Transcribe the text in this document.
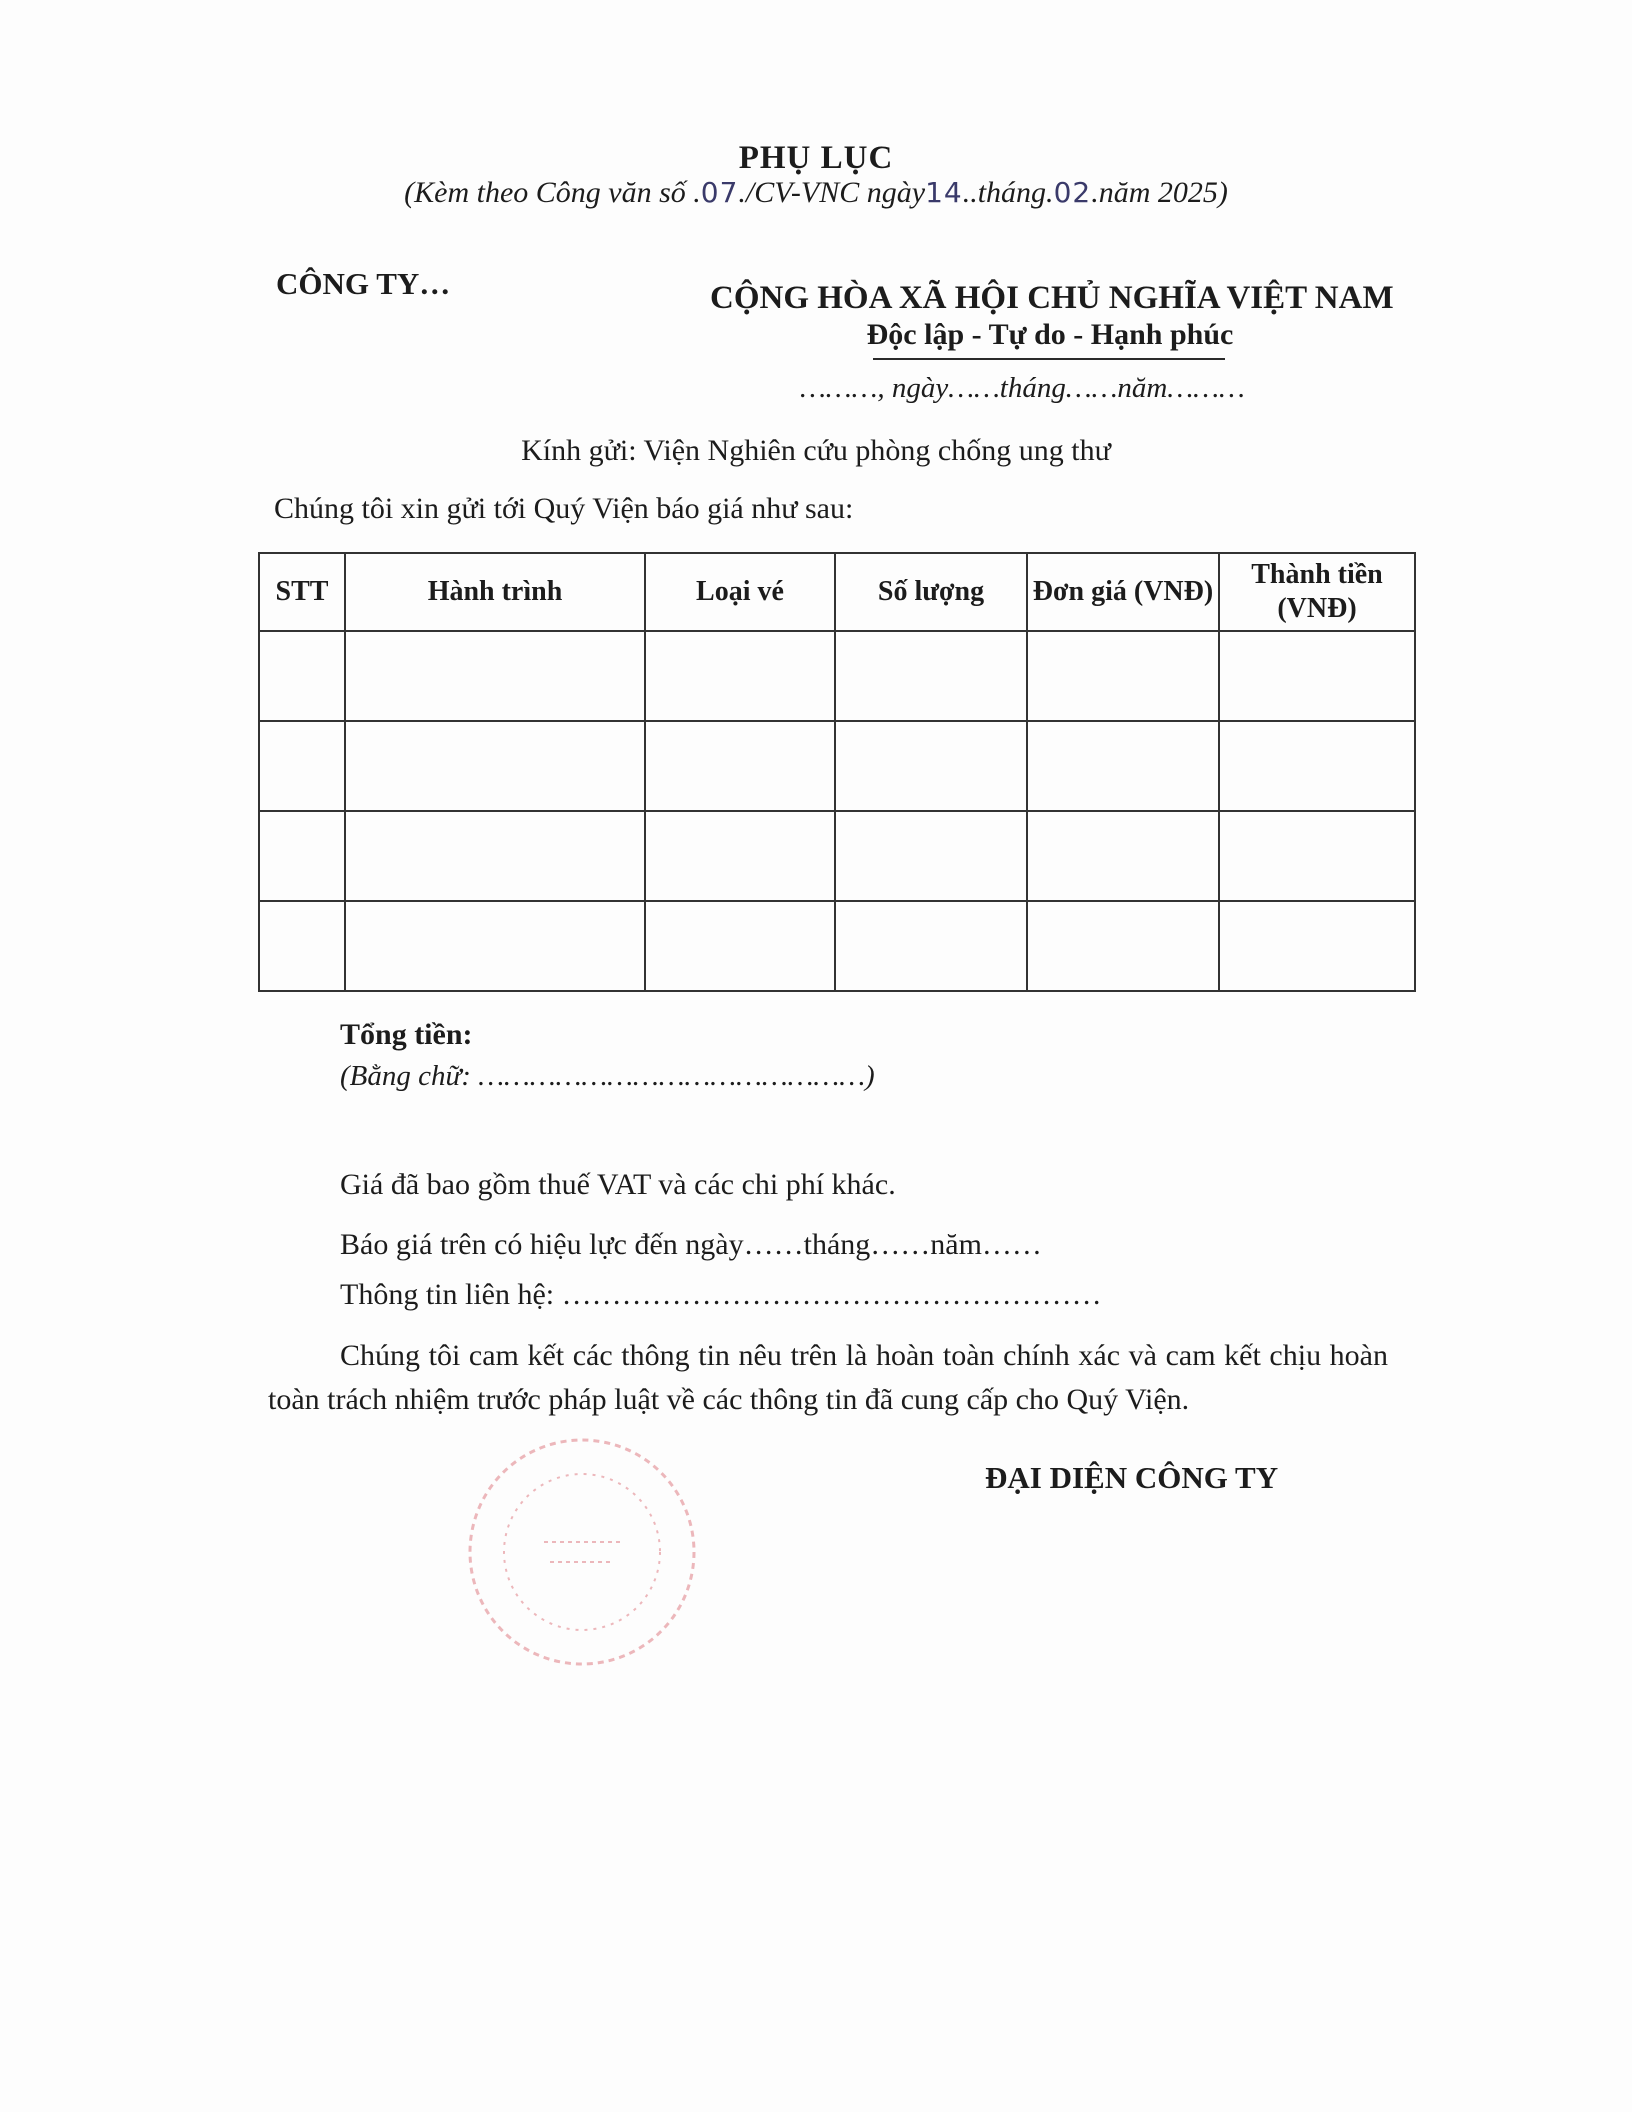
PHỤ LỤC
(Kèm theo Công văn số .07./CV-VNC ngày14..tháng.02.năm 2025)
CÔNG TY…	CỘNG HÒA XÃ HỘI CHỦ NGHĨA VIỆT NAM
Độc lập - Tự do - Hạnh phúc
………, ngày……tháng……năm………
Kính gửi: Viện Nghiên cứu phòng chống ung thư
Chúng tôi xin gửi tới Quý Viện báo giá như sau:
STT	Hành trình	Loại vé	Số lượng	Đơn giá (VNĐ)	Thành tiền (VNĐ)

Tổng tiền:
(Bằng chữ: ………………………………………)
Giá đã bao gồm thuế VAT và các chi phí khác.
Báo giá trên có hiệu lực đến ngày……tháng……năm……
Thông tin liên hệ: ………………………………………………
Chúng tôi cam kết các thông tin nêu trên là hoàn toàn chính xác và cam kết chịu hoàn toàn trách nhiệm trước pháp luật về các thông tin đã cung cấp cho Quý Viện.
ĐẠI DIỆN CÔNG TY
